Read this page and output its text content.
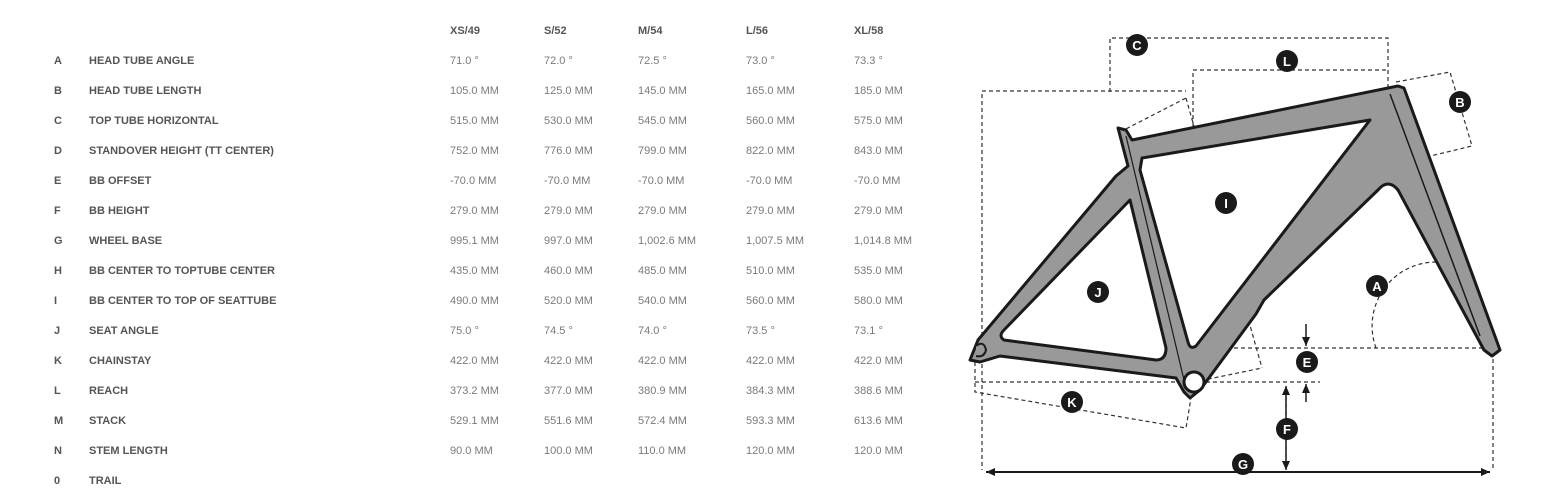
		XS/49	S/52	M/54	L/56	XL/58
A	HEAD TUBE ANGLE	71.0 °	72.0 °	72.5 °	73.0 °	73.3 °
B	HEAD TUBE LENGTH	105.0 MM	125.0 MM	145.0 MM	165.0 MM	185.0 MM
C	TOP TUBE HORIZONTAL	515.0 MM	530.0 MM	545.0 MM	560.0 MM	575.0 MM
D	STANDOVER HEIGHT (TT CENTER)	752.0 MM	776.0 MM	799.0 MM	822.0 MM	843.0 MM
E	BB OFFSET	-70.0 MM	-70.0 MM	-70.0 MM	-70.0 MM	-70.0 MM
F	BB HEIGHT	279.0 MM	279.0 MM	279.0 MM	279.0 MM	279.0 MM
G	WHEEL BASE	995.1 MM	997.0 MM	1,002.6 MM	1,007.5 MM	1,014.8 MM
H	BB CENTER TO TOPTUBE CENTER	435.0 MM	460.0 MM	485.0 MM	510.0 MM	535.0 MM
I	BB CENTER TO TOP OF SEATTUBE	490.0 MM	520.0 MM	540.0 MM	560.0 MM	580.0 MM
J	SEAT ANGLE	75.0 °	74.5 °	74.0 °	73.5 °	73.1 °
K	CHAINSTAY	422.0 MM	422.0 MM	422.0 MM	422.0 MM	422.0 MM
L	REACH	373.2 MM	377.0 MM	380.9 MM	384.3 MM	388.6 MM
M	STACK	529.1 MM	551.6 MM	572.4 MM	593.3 MM	613.6 MM
N	STEM LENGTH	90.0 MM	100.0 MM	110.0 MM	120.0 MM	120.0 MM
0	TRAIL					
C
L
B
I
J	A
E
K
F
G
